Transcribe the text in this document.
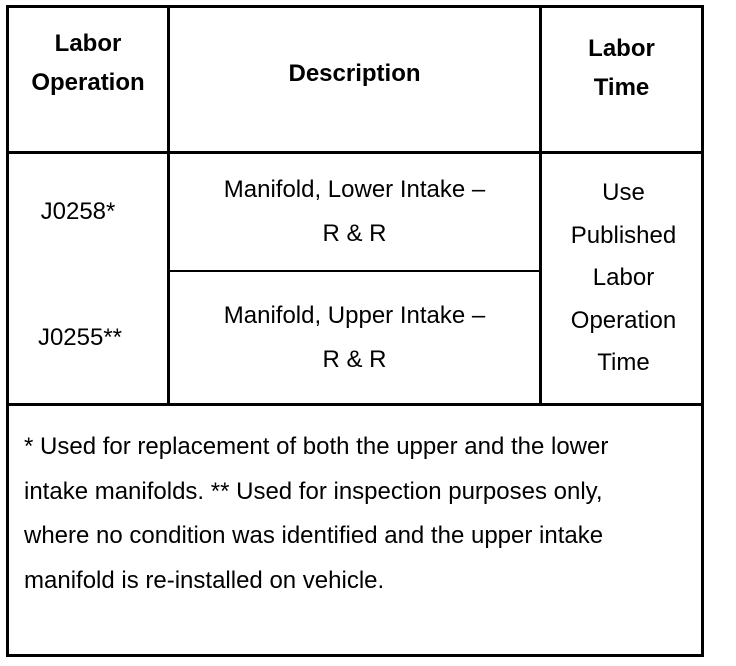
Labor
Operation	Description
Labor
Time
J0258*
Manifold, Lower Intake –
R & R
J0255**
Manifold, Upper Intake –
R & R
Use
Published
Labor
Operation
Time
* Used for replacement of both the upper and the lower intake manifolds. ** Used for inspection purposes only, where no condition was identified and the upper intake manifold is re-installed on vehicle.
